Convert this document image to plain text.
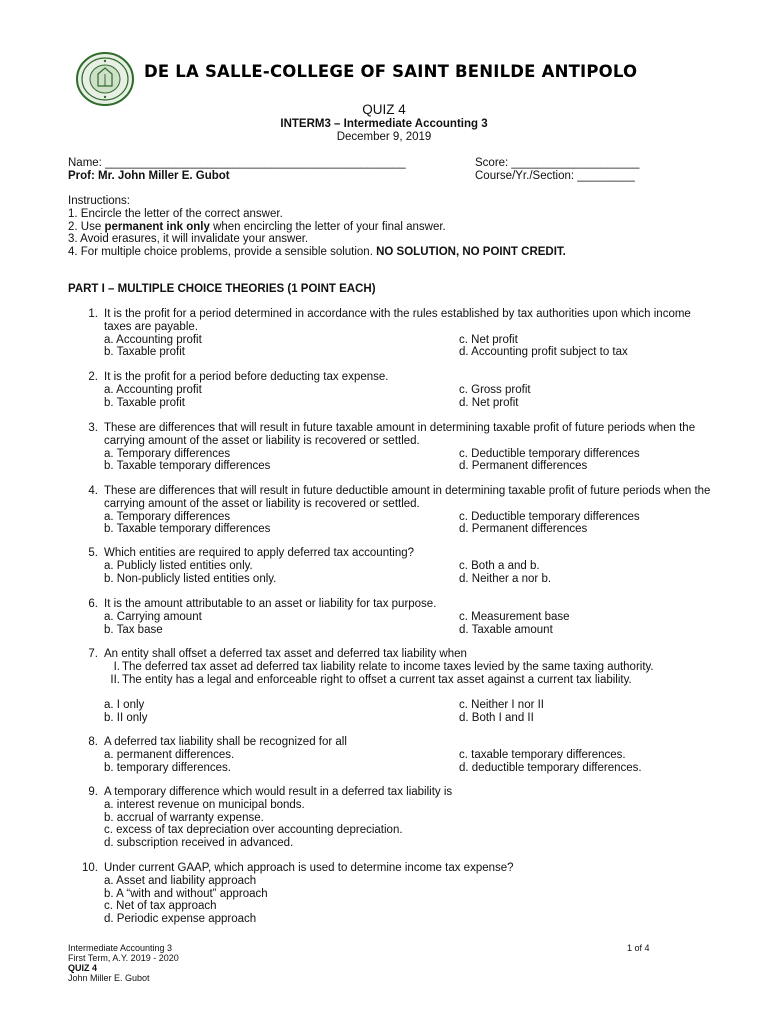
DE LA SALLE-COLLEGE OF SAINT BENILDE ANTIPOLO
QUIZ 4
INTERM3 – Intermediate Accounting 3
December 9, 2019
Name: _______________________________________________
Prof: Mr. John Miller E. Gubot
Score: ____________________
Course/Yr./Section: _________
Instructions:
1. Encircle the letter of the correct answer.
2. Use permanent ink only when encircling the letter of your final answer.
3. Avoid erasures, it will invalidate your answer.
4. For multiple choice problems, provide a sensible solution. NO SOLUTION, NO POINT CREDIT.
PART I – MULTIPLE CHOICE THEORIES (1 POINT EACH)
1. It is the profit for a period determined in accordance with the rules established by tax authorities upon which income taxes are payable.
a. Accounting profit	c. Net profit
b. Taxable profit	d. Accounting profit subject to tax
2. It is the profit for a period before deducting tax expense.
a. Accounting profit	c. Gross profit
b. Taxable profit	d. Net profit
3. These are differences that will result in future taxable amount in determining taxable profit of future periods when the carrying amount of the asset or liability is recovered or settled.
a. Temporary differences	c. Deductible temporary differences
b. Taxable temporary differences	d. Permanent differences
4. These are differences that will result in future deductible amount in determining taxable profit of future periods when the carrying amount of the asset or liability is recovered or settled.
a. Temporary differences	c. Deductible temporary differences
b. Taxable temporary differences	d. Permanent differences
5. Which entities are required to apply deferred tax accounting?
a. Publicly listed entities only.	c. Both a and b.
b. Non-publicly listed entities only.	d. Neither a nor b.
6. It is the amount attributable to an asset or liability for tax purpose.
a. Carrying amount	c. Measurement base
b. Tax base	d. Taxable amount
7. An entity shall offset a deferred tax asset and deferred tax liability when
I. The deferred tax asset ad deferred tax liability relate to income taxes levied by the same taxing authority.
II. The entity has a legal and enforceable right to offset a current tax asset against a current tax liability.
a. I only	c. Neither I nor II
b. II only	d. Both I and II
8. A deferred tax liability shall be recognized for all
a. permanent differences.	c. taxable temporary differences.
b. temporary differences.	d. deductible temporary differences.
9. A temporary difference which would result in a deferred tax liability is
a. interest revenue on municipal bonds.
b. accrual of warranty expense.
c. excess of tax depreciation over accounting depreciation.
d. subscription received in advanced.
10. Under current GAAP, which approach is used to determine income tax expense?
a. Asset and liability approach
b. A “with and without” approach
c. Net of tax approach
d. Periodic expense approach
Intermediate Accounting 3
First Term, A.Y. 2019 - 2020
QUIZ 4
John Miller E. Gubot
1 of 4
